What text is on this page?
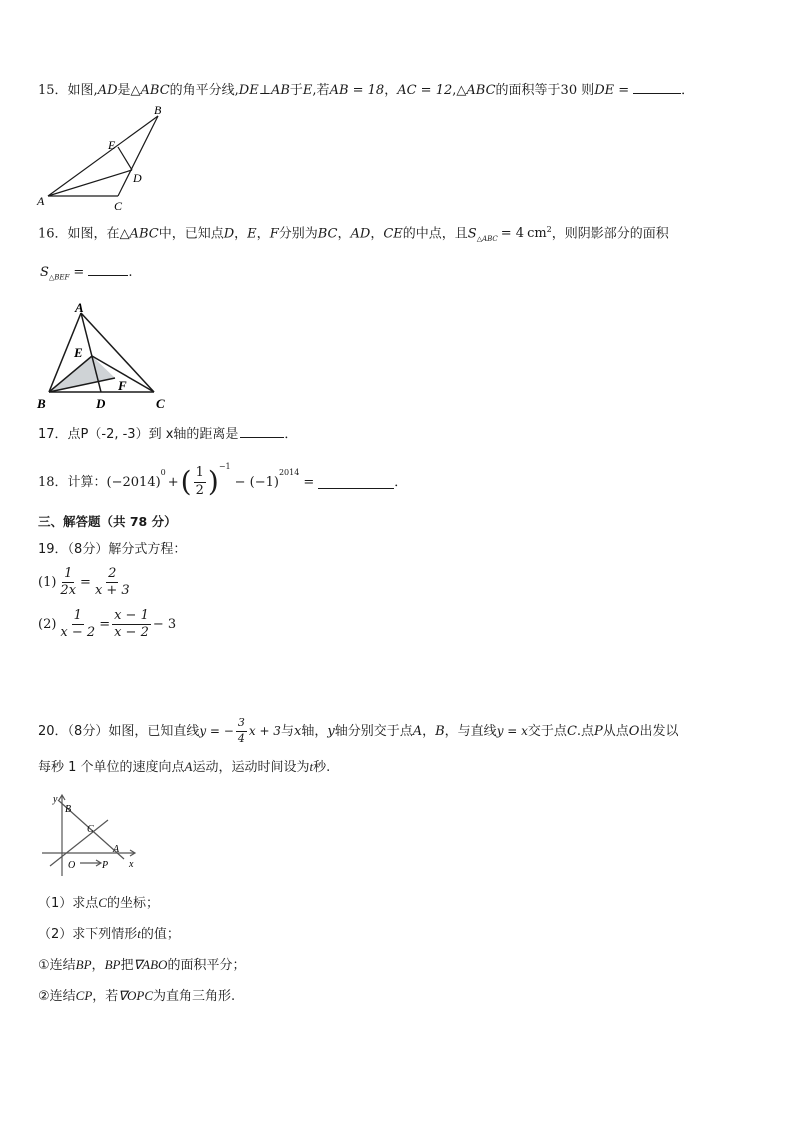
15．如图,AD是△ABC的角平分线,DE⊥AB于E,若AB = 18，AC = 12,△ABC的面积等于30 则DE =	．
B
E
D
A	C
16．如图，在△ABC中，已知点D，E，F分别为BC，AD，CE的中点，且$S_{\triangle ABC} = 4$ $cm^2$，则阴影部分的面积
$S_{\triangle BEF}$ =	.
A
E
F
B	D	C
17．点P（-2, -3）到 x轴的距离是	．
18．计算： (−2014)
$^0$
+ ( $\frac{1}{2} )^{-1}$
− (−1)
$^{2014}$
=	．
三、解答题（共 78 分）
19．（8分）解分式方程：
$(1) \frac{1}{2x} = \frac{2}{x + 3}$
$(2) \frac{1}{x - 2} = \frac{x - 1}{x - 2} - 3$
20．（8分）如图，已知直线 y = − $\frac{3}{4}$ x + 3 与 x 轴， y 轴分别交于点 A ， B ，与直线 y = x 交于点 C .点 P 从点 O 出发以
每秒 1 个单位的速度向点A运动，运动时间设为t秒.
y
B
C
A
O	P x
（1）求点C的坐标；
（2）求下列情形t的值；
①连结BP，BP把∇ABO的面积平分；
②连结CP，若∇OPC为直角三角形.
